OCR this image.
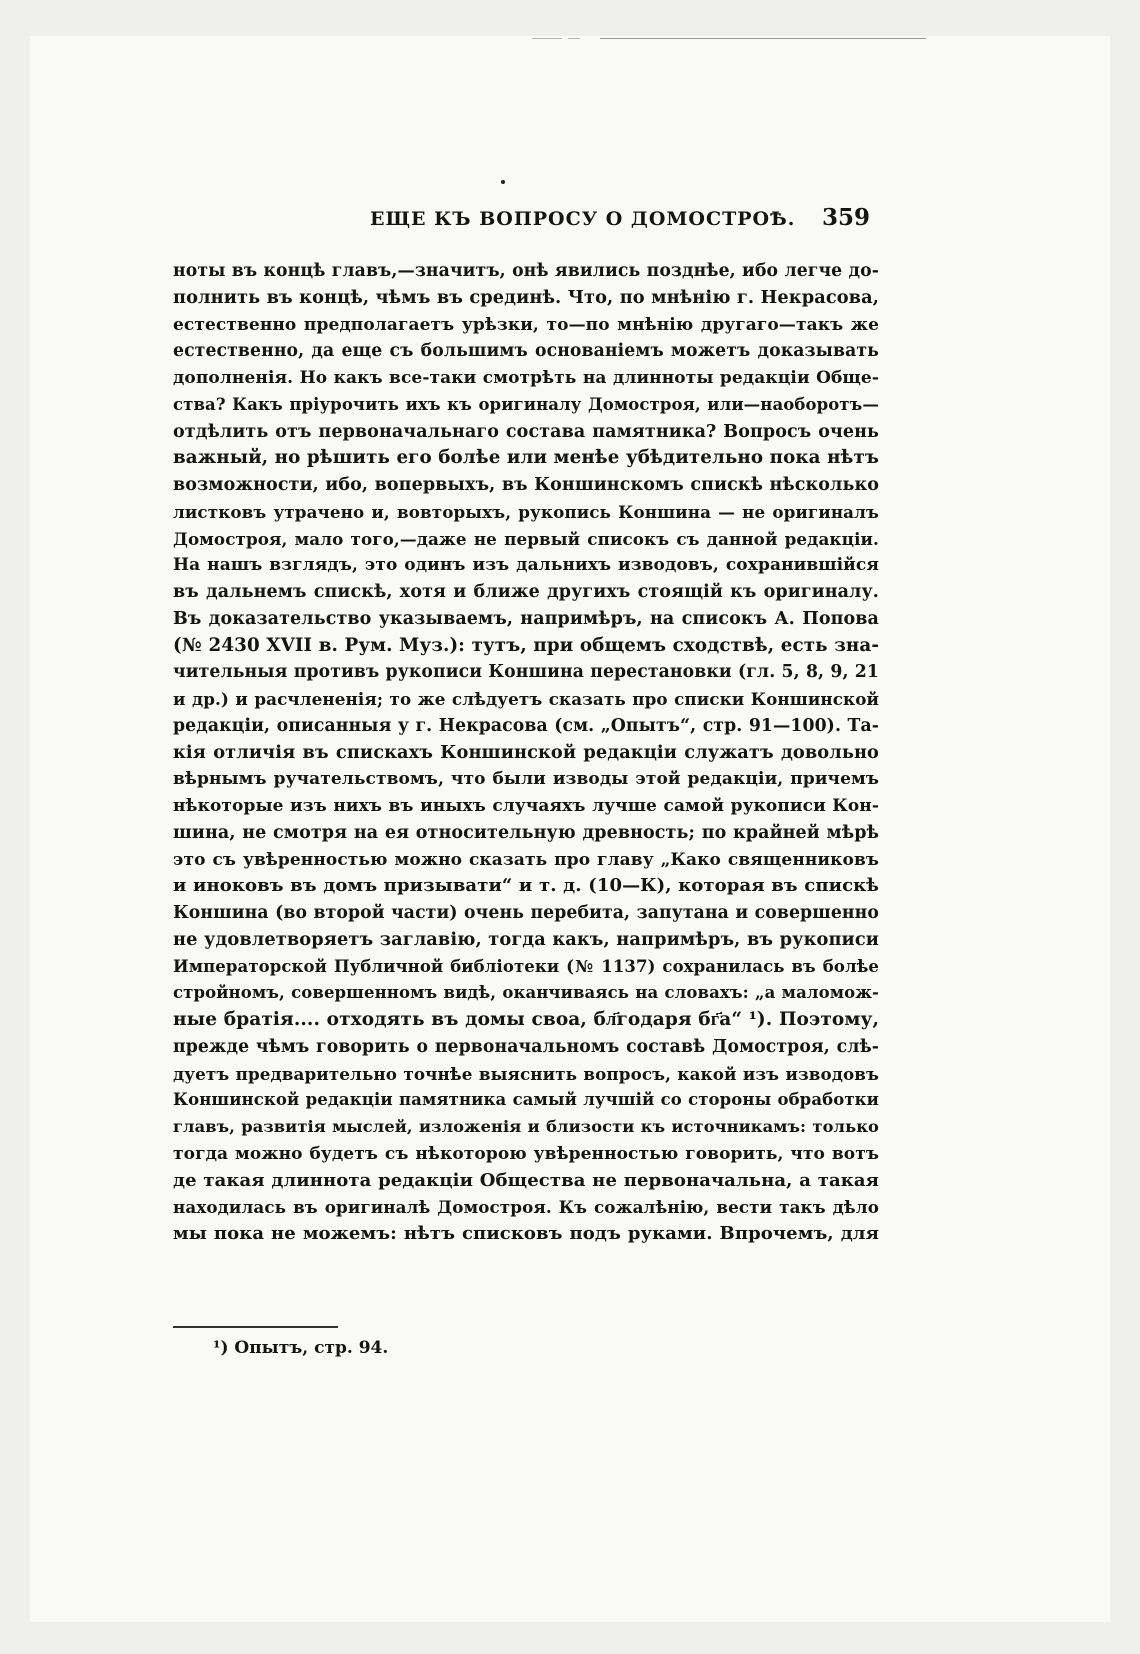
ЕЩЕ КЪ ВОПРОСУ О ДОМОСТРОѢ. 359
ноты въ концѣ главъ,—значитъ, онѣ явились позднѣе, ибо легче до-
полнить въ концѣ, чѣмъ въ срединѣ. Что, по мнѣнію г. Некрасова,
естественно предполагаетъ урѣзки, то—по мнѣнію другаго—такъ же
естественно, да еще съ большимъ основаніемъ можетъ доказывать
дополненія. Но какъ все-таки смотрѣть на длинноты редакціи Обще-
ства? Какъ пріурочить ихъ къ оригиналу Домостроя, или—наоборотъ—
отдѣлить отъ первоначальнаго состава памятника? Вопросъ очень
важный, но рѣшить его болѣе или менѣе убѣдительно пока нѣтъ
возможности, ибо, вопервыхъ, въ Коншинскомъ спискѣ нѣсколько
листковъ утрачено и, вовторыхъ, рукопись Коншина — не оригиналъ
Домостроя, мало того,—даже не первый списокъ съ данной редакціи.
На нашъ взглядъ, это одинъ изъ дальнихъ изводовъ, сохранившійся
въ дальнемъ спискѣ, хотя и ближе другихъ стоящій къ оригиналу.
Въ доказательство указываемъ, напримѣръ, на списокъ А. Попова
(№ 2430 XVII в. Рум. Муз.): тутъ, при общемъ сходствѣ, есть зна-
чительныя противъ рукописи Коншина перестановки (гл. 5, 8, 9, 21
и др.) и расчлененія; то же слѣдуетъ сказать про списки Коншинской
редакціи, описанныя у г. Некрасова (см. „Опытъ“, стр. 91—100). Та-
кія отличія въ спискахъ Коншинской редакціи служатъ довольно
вѣрнымъ ручательствомъ, что были изводы этой редакціи, причемъ
нѣкоторые изъ нихъ въ иныхъ случаяхъ лучше самой рукописи Кон-
шина, не смотря на ея относительную древность; по крайней мѣрѣ
это съ увѣренностью можно сказать про главу „Како священниковъ
и иноковъ въ домъ призывати“ и т. д. (10—К), которая въ спискѣ
Коншина (во второй части) очень перебита, запутана и совершенно
не удовлетворяетъ заглавію, тогда какъ, напримѣръ, въ рукописи
Императорской Публичной библіотеки (№ 1137) сохранилась въ болѣе
стройномъ, совершенномъ видѣ, оканчиваясь на словахъ: „а маломож-
ные братія.... отходять въ домы своа, бл҃годаря бг҃а“ ¹). Поэтому,
прежде чѣмъ говорить о первоначальномъ составѣ Домостроя, слѣ-
дуетъ предварительно точнѣе выяснить вопросъ, какой изъ изводовъ
Коншинской редакціи памятника самый лучшій со стороны обработки
главъ, развитія мыслей, изложенія и близости къ источникамъ: только
тогда можно будетъ съ нѣкоторою увѣренностью говорить, что вотъ
де такая длиннота редакціи Общества не первоначальна, а такая
находилась въ оригиналѣ Домостроя. Къ сожалѣнію, вести такъ дѣло
мы пока не можемъ: нѣтъ списковъ подъ руками. Впрочемъ, для
¹) Опытъ, стр. 94.
